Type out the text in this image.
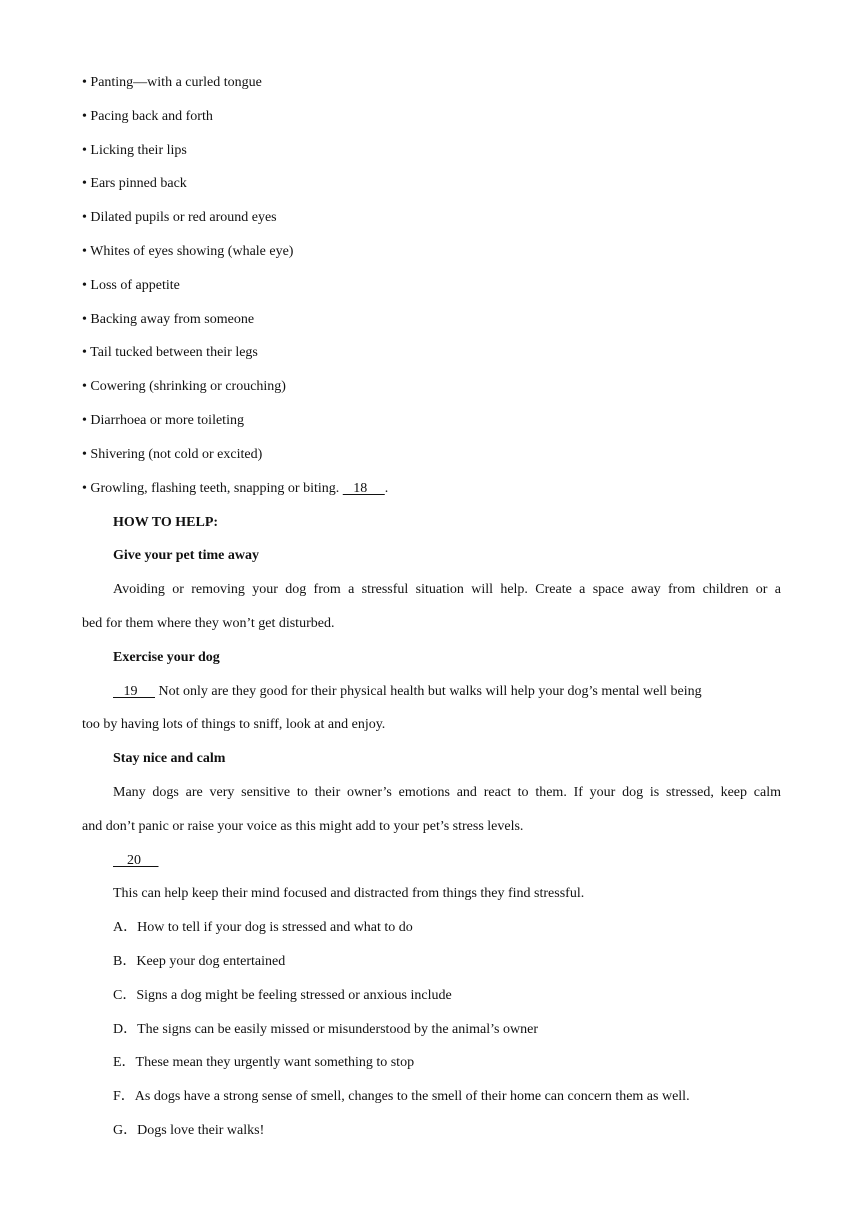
• Panting—with a curled tongue
• Pacing back and forth
• Licking their lips
• Ears pinned back
• Dilated pupils or red around eyes
• Whites of eyes showing (whale eye)
• Loss of appetite
• Backing away from someone
• Tail tucked between their legs
• Cowering (shrinking or crouching)
• Diarrhoea or more toileting
• Shivering (not cold or excited)
• Growling, flashing teeth, snapping or biting.    18     .
HOW TO HELP:
Give your pet time away
Avoiding or removing your dog from a stressful situation will help. Create a space away from children or a
bed for them where they won’t get disturbed.
Exercise your dog
19      Not only are they good for their physical health but walks will help your dog’s mental well being
too by having lots of things to sniff, look at and enjoy.
Stay nice and calm
Many dogs are very sensitive to their owner’s emotions and react to them. If your dog is stressed, keep calm
and don’t panic or raise your voice as this might add to your pet’s stress levels.
20
This can help keep their mind focused and distracted from things they find stressful.
A．How to tell if your dog is stressed and what to do
B．Keep your dog entertained
C．Signs a dog might be feeling stressed or anxious include
D．The signs can be easily missed or misunderstood by the animal’s owner
E．These mean they urgently want something to stop
F．As dogs have a strong sense of smell, changes to the smell of their home can concern them as well.
G．Dogs love their walks!
